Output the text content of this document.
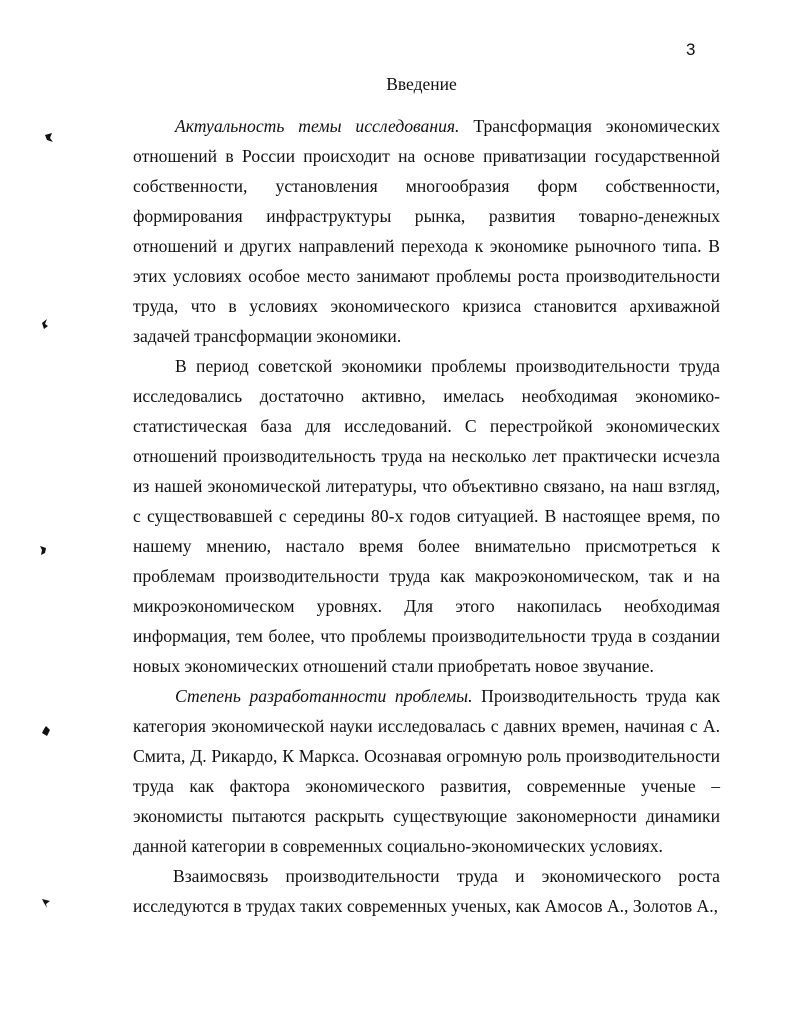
3
Введение

Актуальность темы исследования. Трансформация экономических отношений в России происходит на основе приватизации государственной собственности, установления многообразия форм собственности, формирования инфраструктуры рынка, развития товарно-денежных отношений и других направлений перехода к экономике рыночного типа. В этих условиях особое место занимают проблемы роста производительности труда, что в условиях экономического кризиса становится архиважной задачей трансформации экономики.

В период советской экономики проблемы производительности труда исследовались достаточно активно, имелась необходимая экономико-статистическая база для исследований. С перестройкой экономических отношений производительность труда на несколько лет практически исчезла из нашей экономической литературы, что объективно связано, на наш взгляд, с существовавшей с середины 80-х годов ситуацией. В настоящее время, по нашему мнению, настало время более внимательно присмотреться к проблемам производительности труда как макроэкономическом, так и на микроэкономическом уровнях. Для этого накопилась необходимая информация, тем более, что проблемы производительности труда в создании новых экономических отношений стали приобретать новое звучание.

Степень разработанности проблемы. Производительность труда как категория экономической науки исследовалась с давних времен, начиная с А. Смита, Д. Рикардо, К Маркса. Осознавая огромную роль производительности труда как фактора экономического развития, современные ученые – экономисты пытаются раскрыть существующие закономерности динамики данной категории в современных социально-экономических условиях.

Взаимосвязь производительности труда и экономического роста исследуются в трудах таких современных ученых, как Амосов А., Золотов А.,
